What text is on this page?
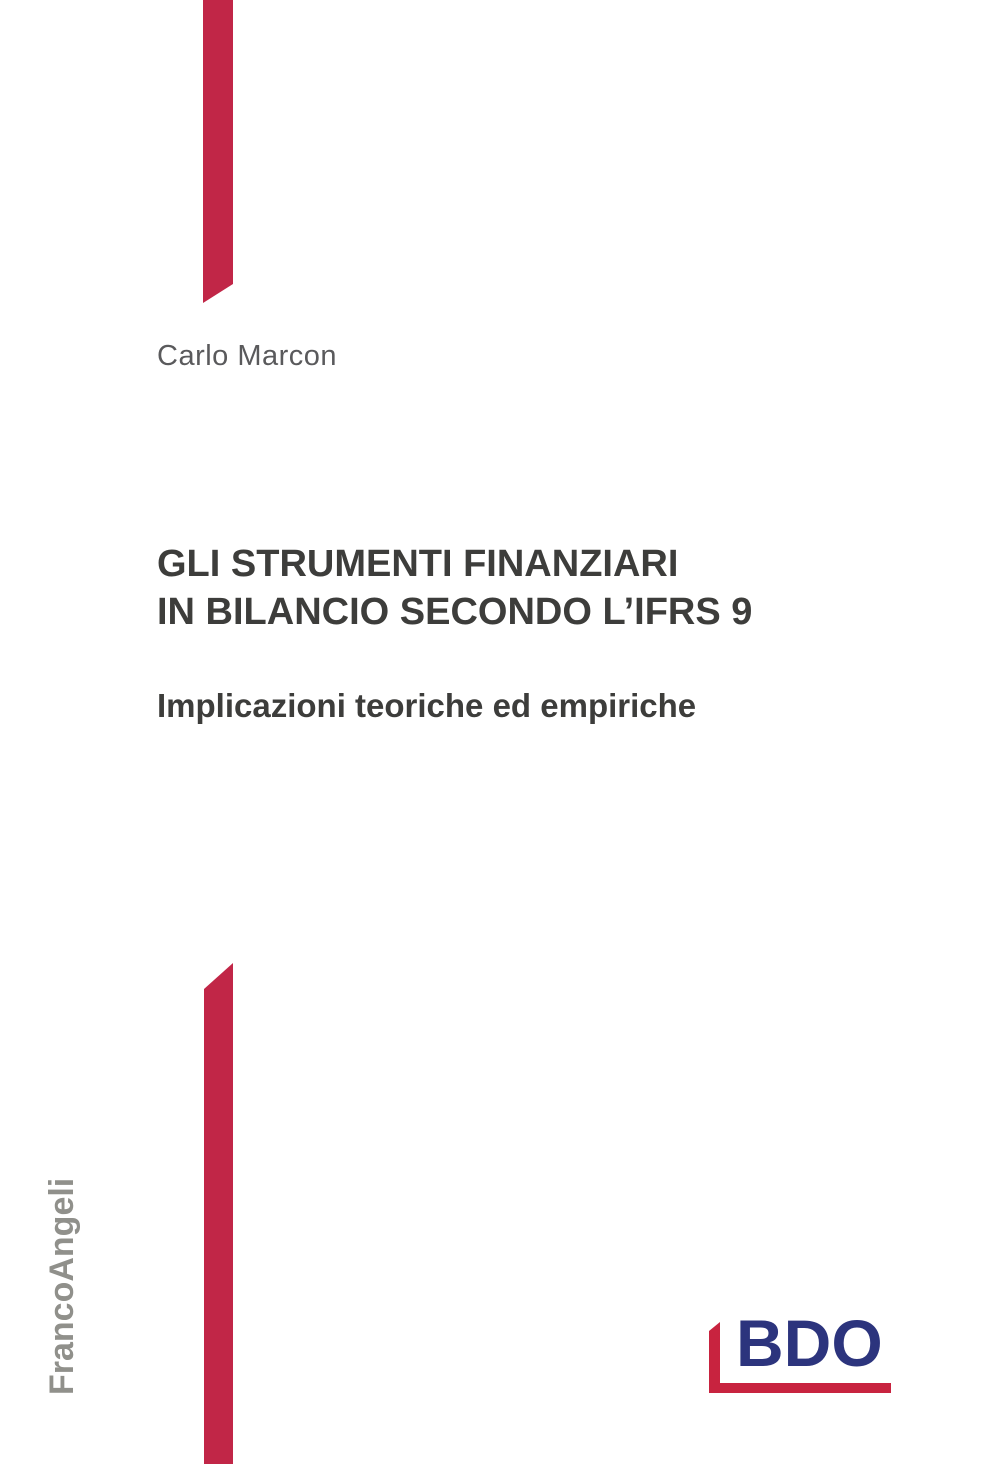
Carlo Marcon
GLI STRUMENTI FINANZIARI
IN BILANCIO SECONDO L’IFRS 9
Implicazioni teoriche ed empiriche
FrancoAngeli	BDO
